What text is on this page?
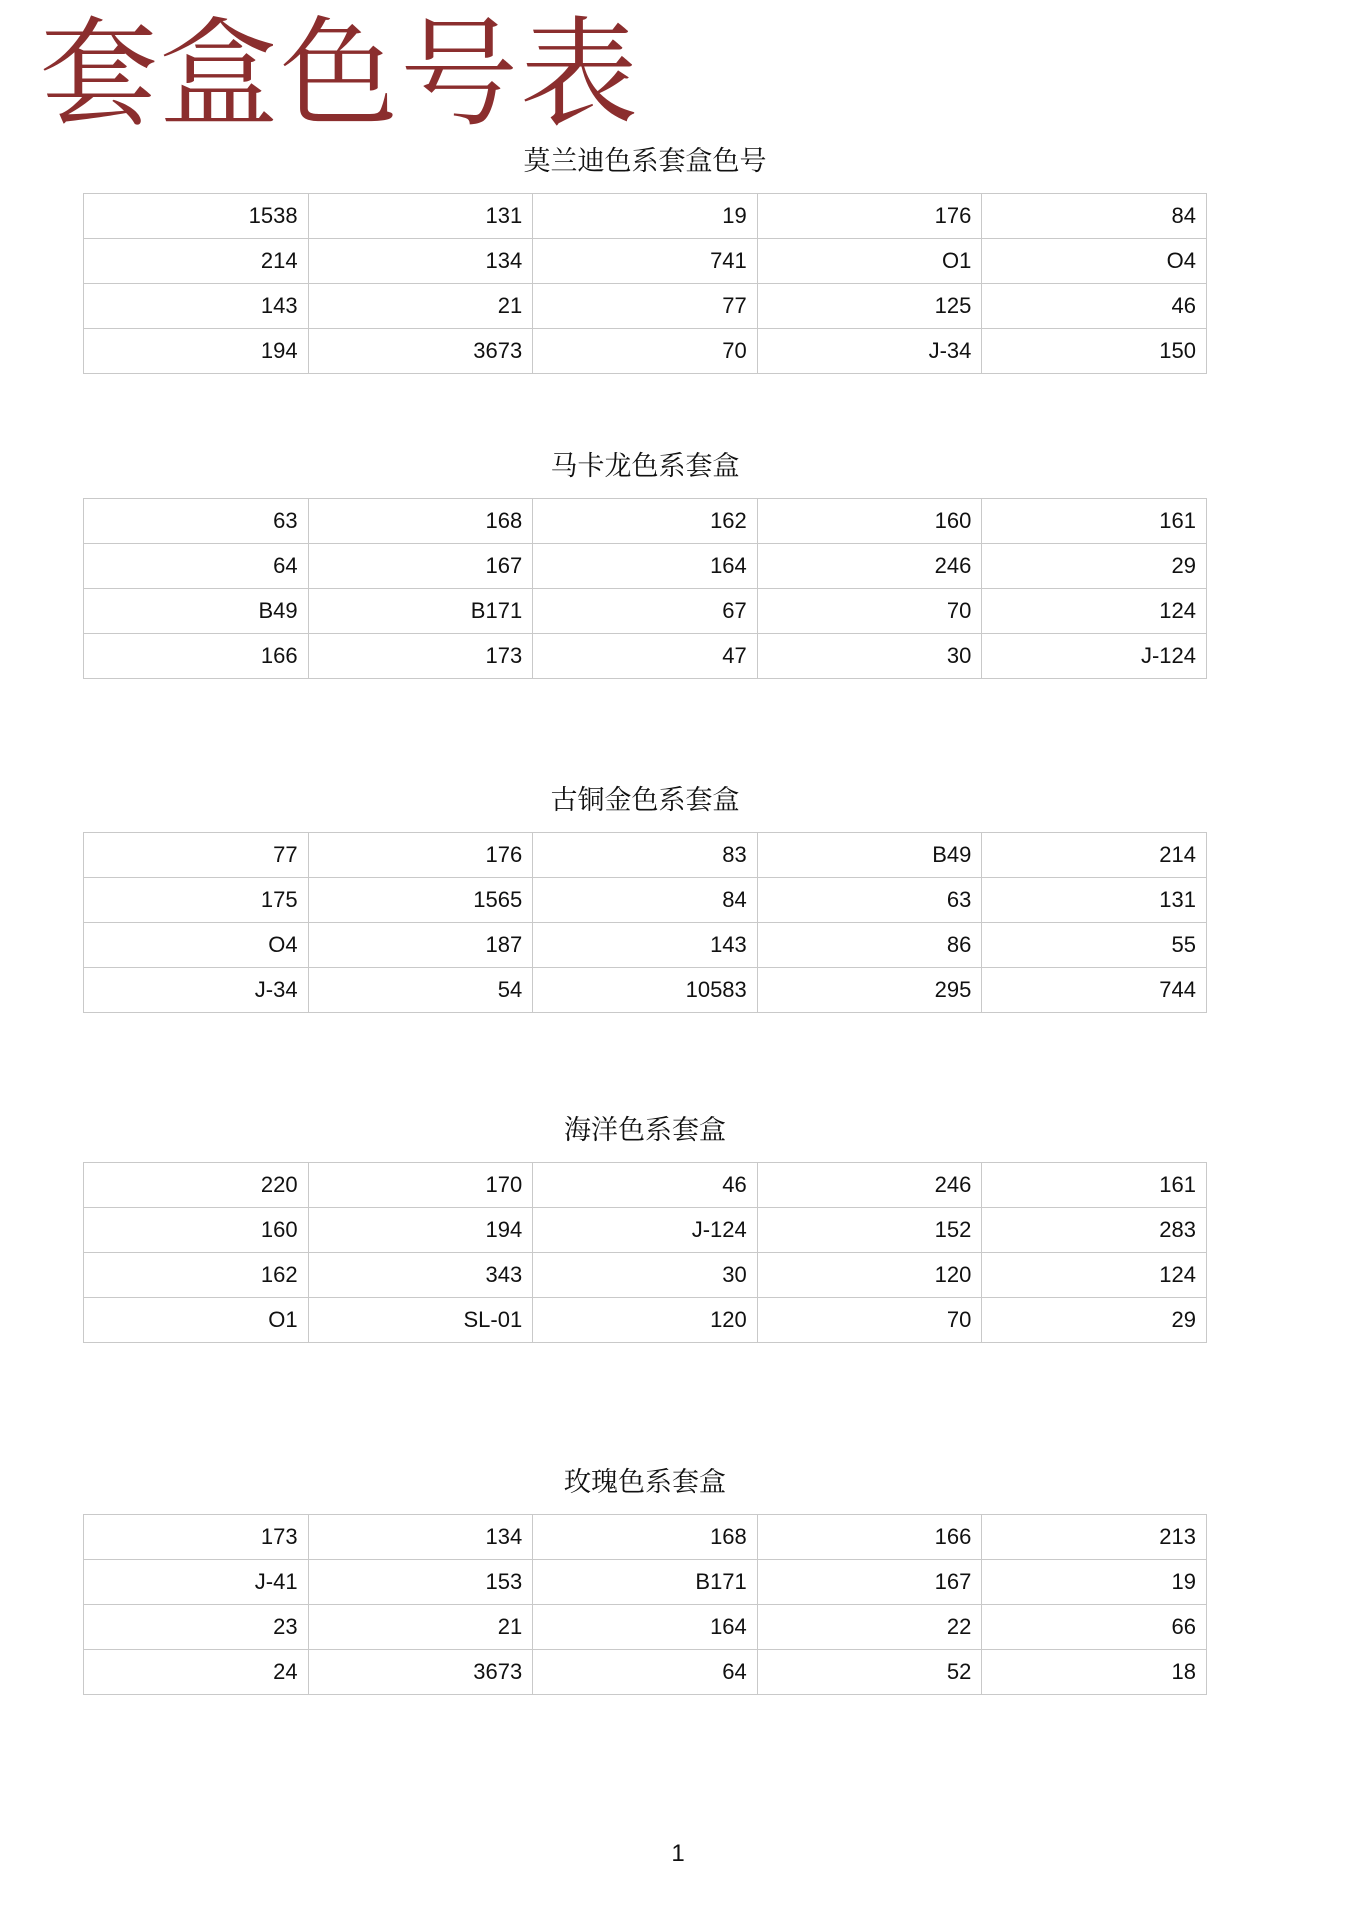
套盒色号表
莫兰迪色系套盒色号
1538	131	19	176	84
214	134	741	O1	O4
143	21	77	125	46
194	3673	70	J-34	150
马卡龙色系套盒
63	168	162	160	161
64	167	164	246	29
B49	B171	67	70	124
166	173	47	30	J-124
古铜金色系套盒
77	176	83	B49	214
175	1565	84	63	131
O4	187	143	86	55
J-34	54	10583	295	744
海洋色系套盒
220	170	46	246	161
160	194	J-124	152	283
162	343	30	120	124
O1	SL-01	120	70	29
玫瑰色系套盒
173	134	168	166	213
J-41	153	B171	167	19
23	21	164	22	66
24	3673	64	52	18
1
